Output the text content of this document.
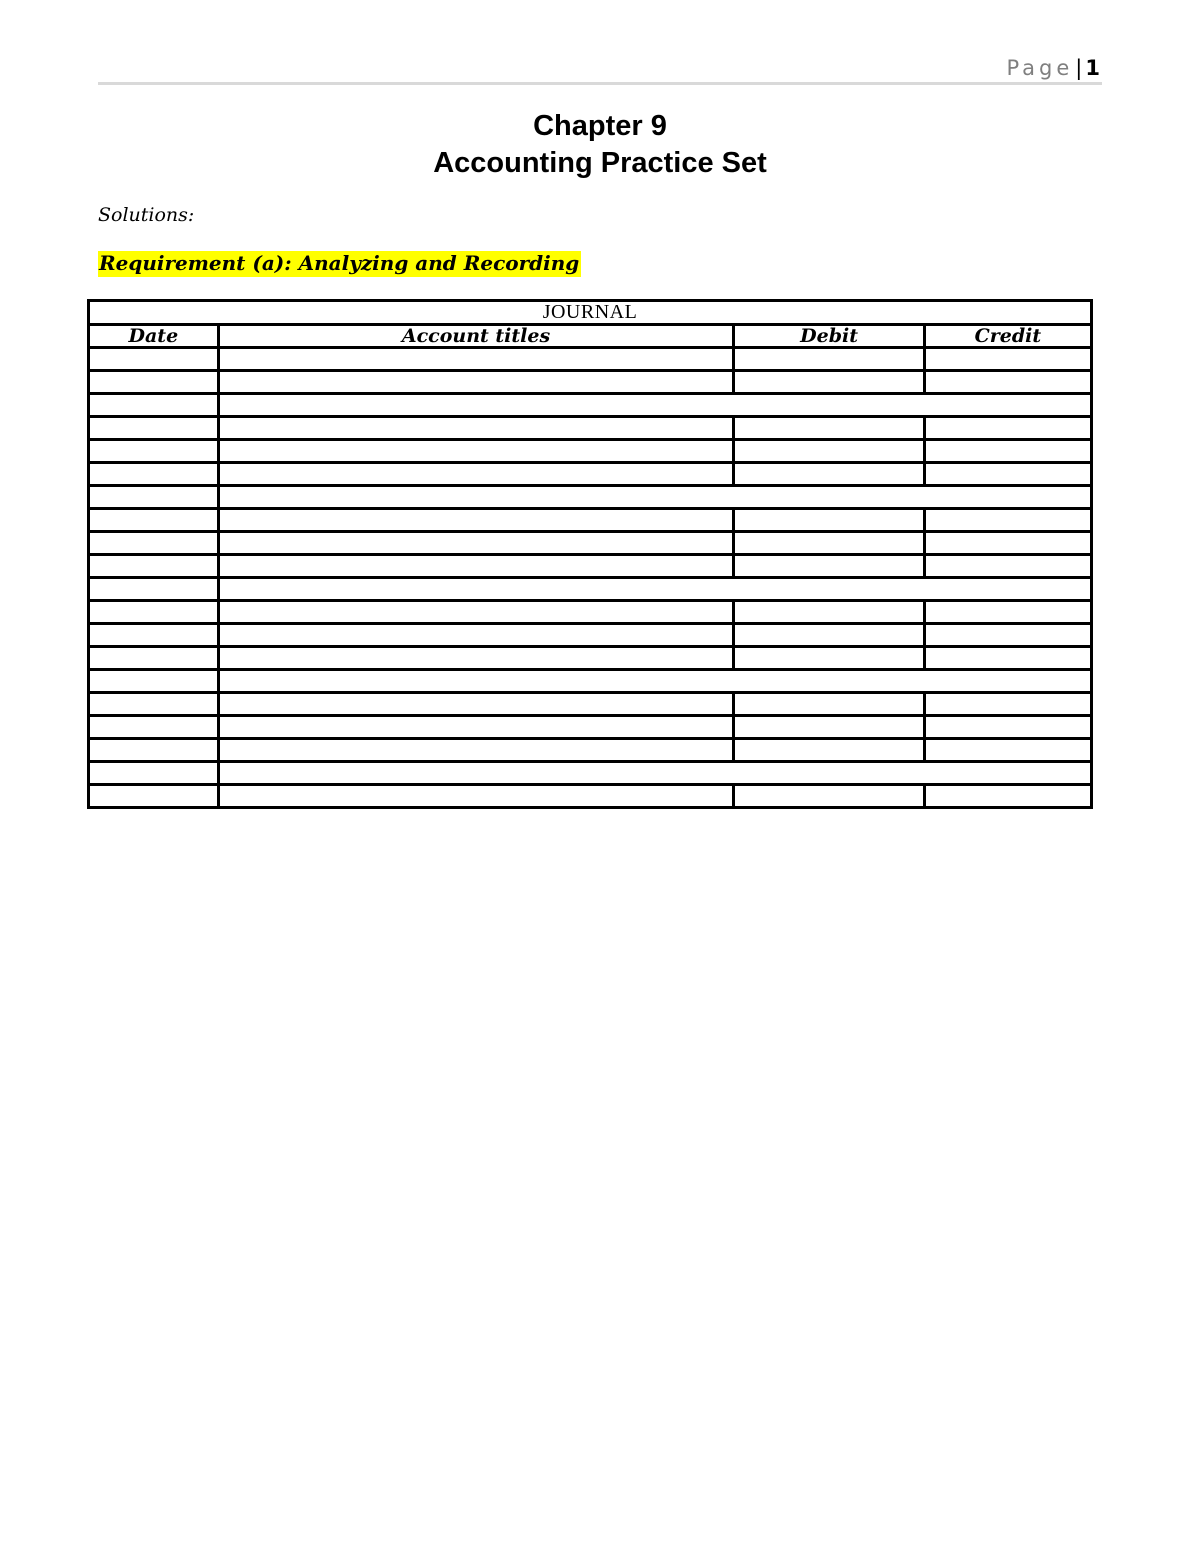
Page| 1
Chapter 9
Accounting Practice Set
Solutions:
Requirement (a): Analyzing and Recording
JOURNAL			
Date	Account titles	Debit	Credit
